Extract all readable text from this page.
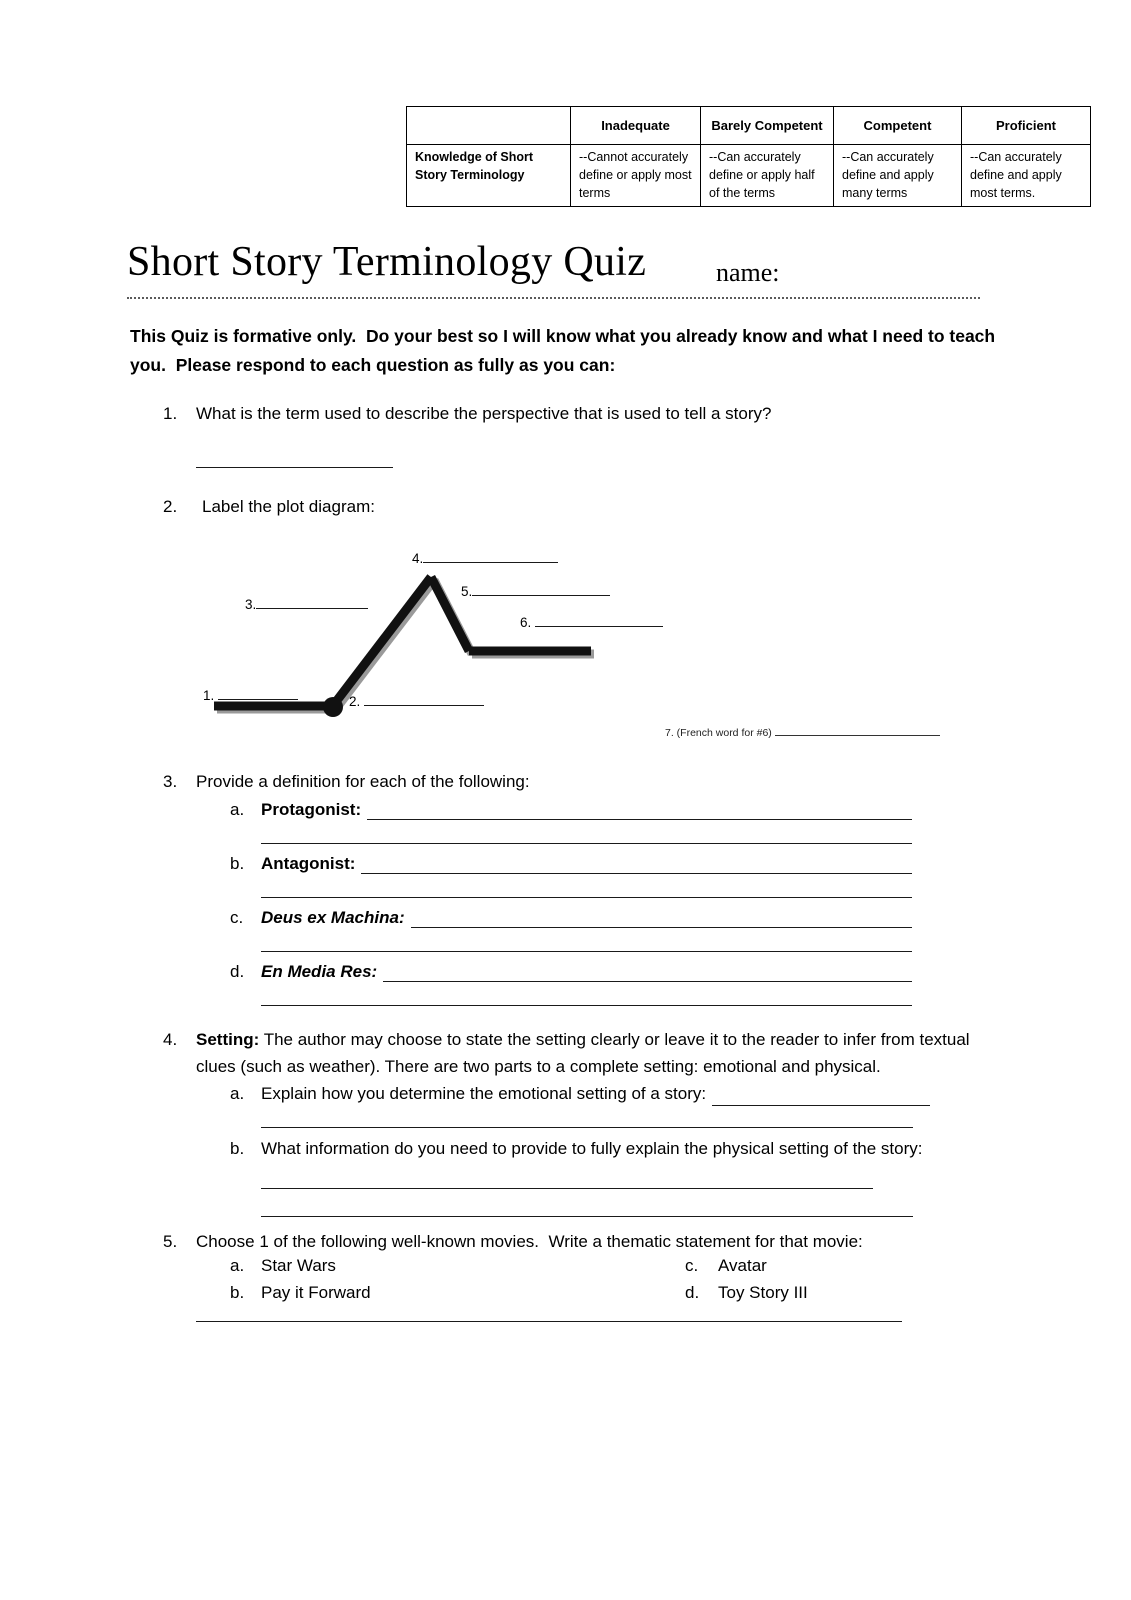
	Inadequate	Barely Competent	Competent	Proficient
Knowledge of Short Story Terminology	--Cannot accurately define or apply most terms	--Can accurately define or apply half of the terms	--Can accurately define and apply many terms	--Can accurately define and apply most terms.
Short Story Terminology Quiz	name:
This Quiz is formative only.  Do your best so I will know what you already know and what I need to teach you.  Please respond to each question as fully as you can:
1.	What is the term used to describe the perspective that is used to tell a story?
2.	Label the plot diagram:
4.
3.
5.
6.
1.	2.
7. (French word for #6)
3.	Provide a definition for each of the following:
a. Protagonist:
b. Antagonist:
c.	Deus ex Machina:
d. En Media Res:
4.	Setting: The author may choose to state the setting clearly or leave it to the reader to infer from textual clues (such as weather). There are two parts to a complete setting: emotional and physical.
a. Explain how you determine the emotional setting of a story:
b. What information do you need to provide to fully explain the physical setting of the story:
5.	Choose 1 of the following well-known movies.  Write a thematic statement for that movie:
a. Star Wars	c.	Avatar
b. Pay it Forward	d.	Toy Story III
